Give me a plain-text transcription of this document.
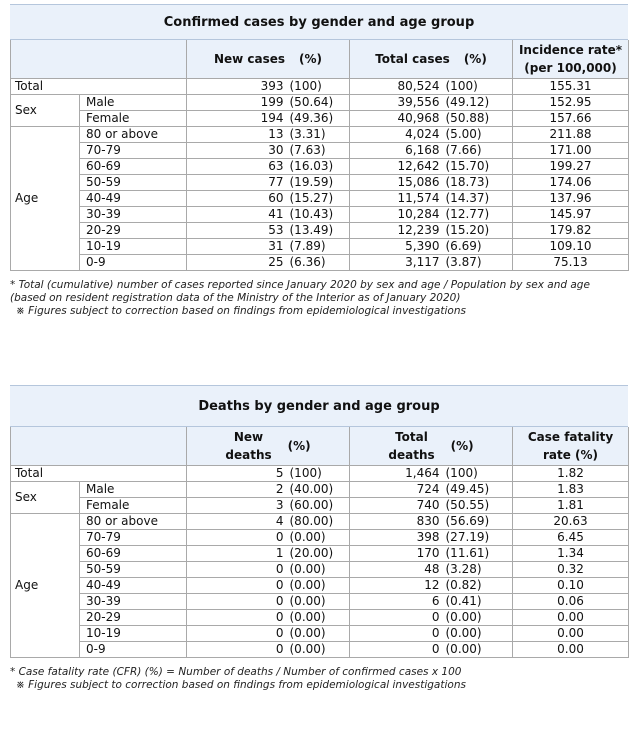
Confirmed cases by gender and age group

		New cases (%)		Total cases (%)		Incidence rate*
(per 100,000)

Total		393	(100)	80,524	(100)	155.31
Sex	Male	199	(50.64)	39,556	(49.12)	152.95
	Female	194	(49.36)	40,968	(50.88)	157.66
Age	80 or above	13	(3.31)	4,024	(5.00)	211.88
	70-79	30	(7.63)	6,168	(7.66)	171.00
	60-69	63	(16.03)	12,642	(15.70)	199.27
	50-59	77	(19.59)	15,086	(18.73)	174.06
	40-49	60	(15.27)	11,574	(14.37)	137.96
	30-39	41	(10.43)	10,284	(12.77)	145.97
	20-29	53	(13.49)	12,239	(15.20)	179.82
	10-19	31	(7.89)	5,390	(6.69)	109.10
	0-9	25	(6.36)	3,117	(3.87)	75.13

* Total (cumulative) number of cases reported since January 2020 by sex and age / Population by sex and age (based on resident registration data of the Ministry of the Interior as of January 2020)

※ Figures subject to correction based on findings from epidemiological investigations

Deaths by gender and age group

		New
deaths
(%)		Total
deaths
(%)		Case fatality
rate (%)

Total		5	(100)	1,464	(100)	1.82
Sex	Male	2	(40.00)	724	(49.45)	1.83
	Female	3	(60.00)	740	(50.55)	1.81
Age	80 or above	4	(80.00)	830	(56.69)	20.63
	70-79	0	(0.00)	398	(27.19)	6.45
	60-69	1	(20.00)	170	(11.61)	1.34
	50-59	0	(0.00)	48	(3.28)	0.32
	40-49	0	(0.00)	12	(0.82)	0.10
	30-39	0	(0.00)	6	(0.41)	0.06
	20-29	0	(0.00)	0	(0.00)	0.00
	10-19	0	(0.00)	0	(0.00)	0.00
	0-9	0	(0.00)	0	(0.00)	0.00

* Case fatality rate (CFR) (%) = Number of deaths / Number of confirmed cases x 100

※ Figures subject to correction based on findings from epidemiological investigations
